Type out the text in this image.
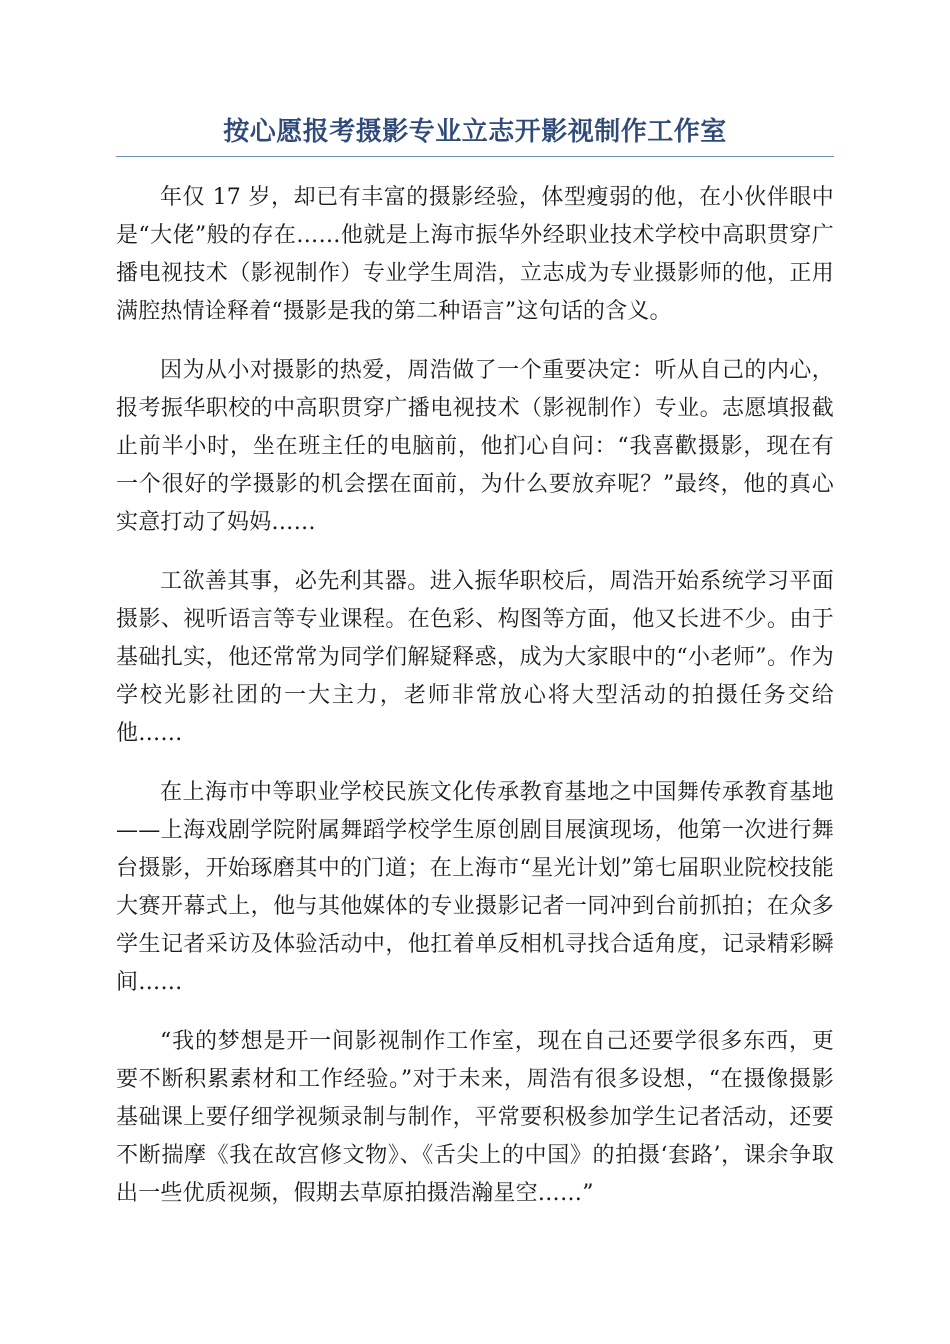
按心愿报考摄影专业立志开影视制作工作室

年仅 17 岁，却已有丰富的摄影经验，体型瘦弱的他，在小伙伴眼中是“大佬”般的存在……他就是上海市振华外经职业技术学校中高职贯穿广播电视技术（影视制作）专业学生周浩，立志成为专业摄影师的他，正用满腔热情诠释着“摄影是我的第二种语言”这句话的含义。

因为从小对摄影的热爱，周浩做了一个重要决定：听从自己的内心，报考振华职校的中高职贯穿广播电视技术（影视制作）专业。志愿填报截止前半小时，坐在班主任的电脑前，他扪心自问：“我喜歡摄影，现在有一个很好的学摄影的机会摆在面前，为什么要放弃呢？”最终，他的真心实意打动了妈妈……

工欲善其事，必先利其器。进入振华职校后，周浩开始系统学习平面摄影、视听语言等专业课程。在色彩、构图等方面，他又长进不少。由于基础扎实，他还常常为同学们解疑释惑，成为大家眼中的“小老师”。作为学校光影社团的一大主力，老师非常放心将大型活动的拍摄任务交给他……

在上海市中等职业学校民族文化传承教育基地之中国舞传承教育基地——上海戏剧学院附属舞蹈学校学生原创剧目展演现场，他第一次进行舞台摄影，开始琢磨其中的门道；在上海市“星光计划”第七届职业院校技能大赛开幕式上，他与其他媒体的专业摄影记者一同冲到台前抓拍；在众多学生记者采访及体验活动中，他扛着单反相机寻找合适角度，记录精彩瞬间……

“我的梦想是开一间影视制作工作室，现在自己还要学很多东西，更要不断积累素材和工作经验。”对于未来，周浩有很多设想，“在摄像摄影基础课上要仔细学视频录制与制作，平常要积极参加学生记者活动，还要不断揣摩《我在故宫修文物》、《舌尖上的中国》的拍摄‘套路’，课余争取出一些优质视频，假期去草原拍摄浩瀚星空……”
